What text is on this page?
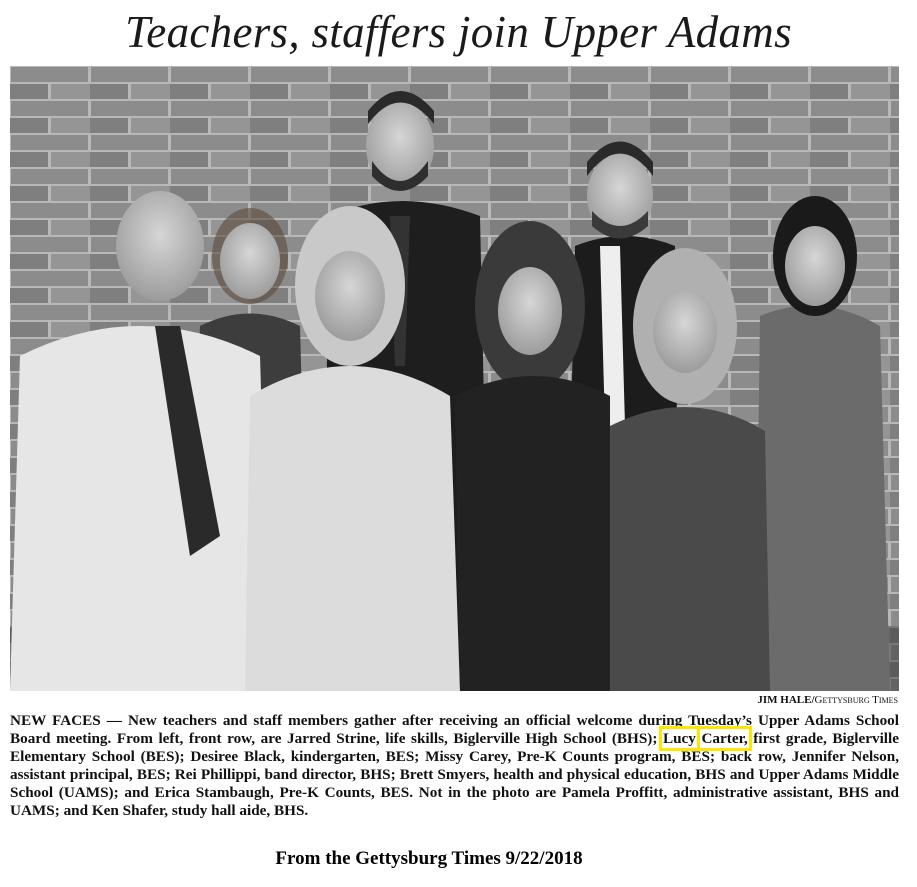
Teachers, staffers join Upper Adams
JIM HALE/Gettysburg Times
NEW FACES — New teachers and staff members gather after receiving an official welcome during Tuesday’s Upper Adams School Board meeting. From left, front row, are Jarred Strine, life skills, Biglerville High School (BHS); Lucy Carter, first grade, Biglerville Elementary School (BES); Desiree Black, kindergarten, BES; Missy Carey, Pre-K Counts program, BES; back row, Jennifer Nelson, assistant principal, BES; Rei Phillippi, band director, BHS; Brett Smyers, health and physical education, BHS and Upper Adams Middle School (UAMS); and Erica Stambaugh, Pre-K Counts, BES. Not in the photo are Pamela Proffitt, administrative assistant, BHS and UAMS; and Ken Shafer, study hall aide, BHS.
From the Gettysburg Times 9/22/2018
